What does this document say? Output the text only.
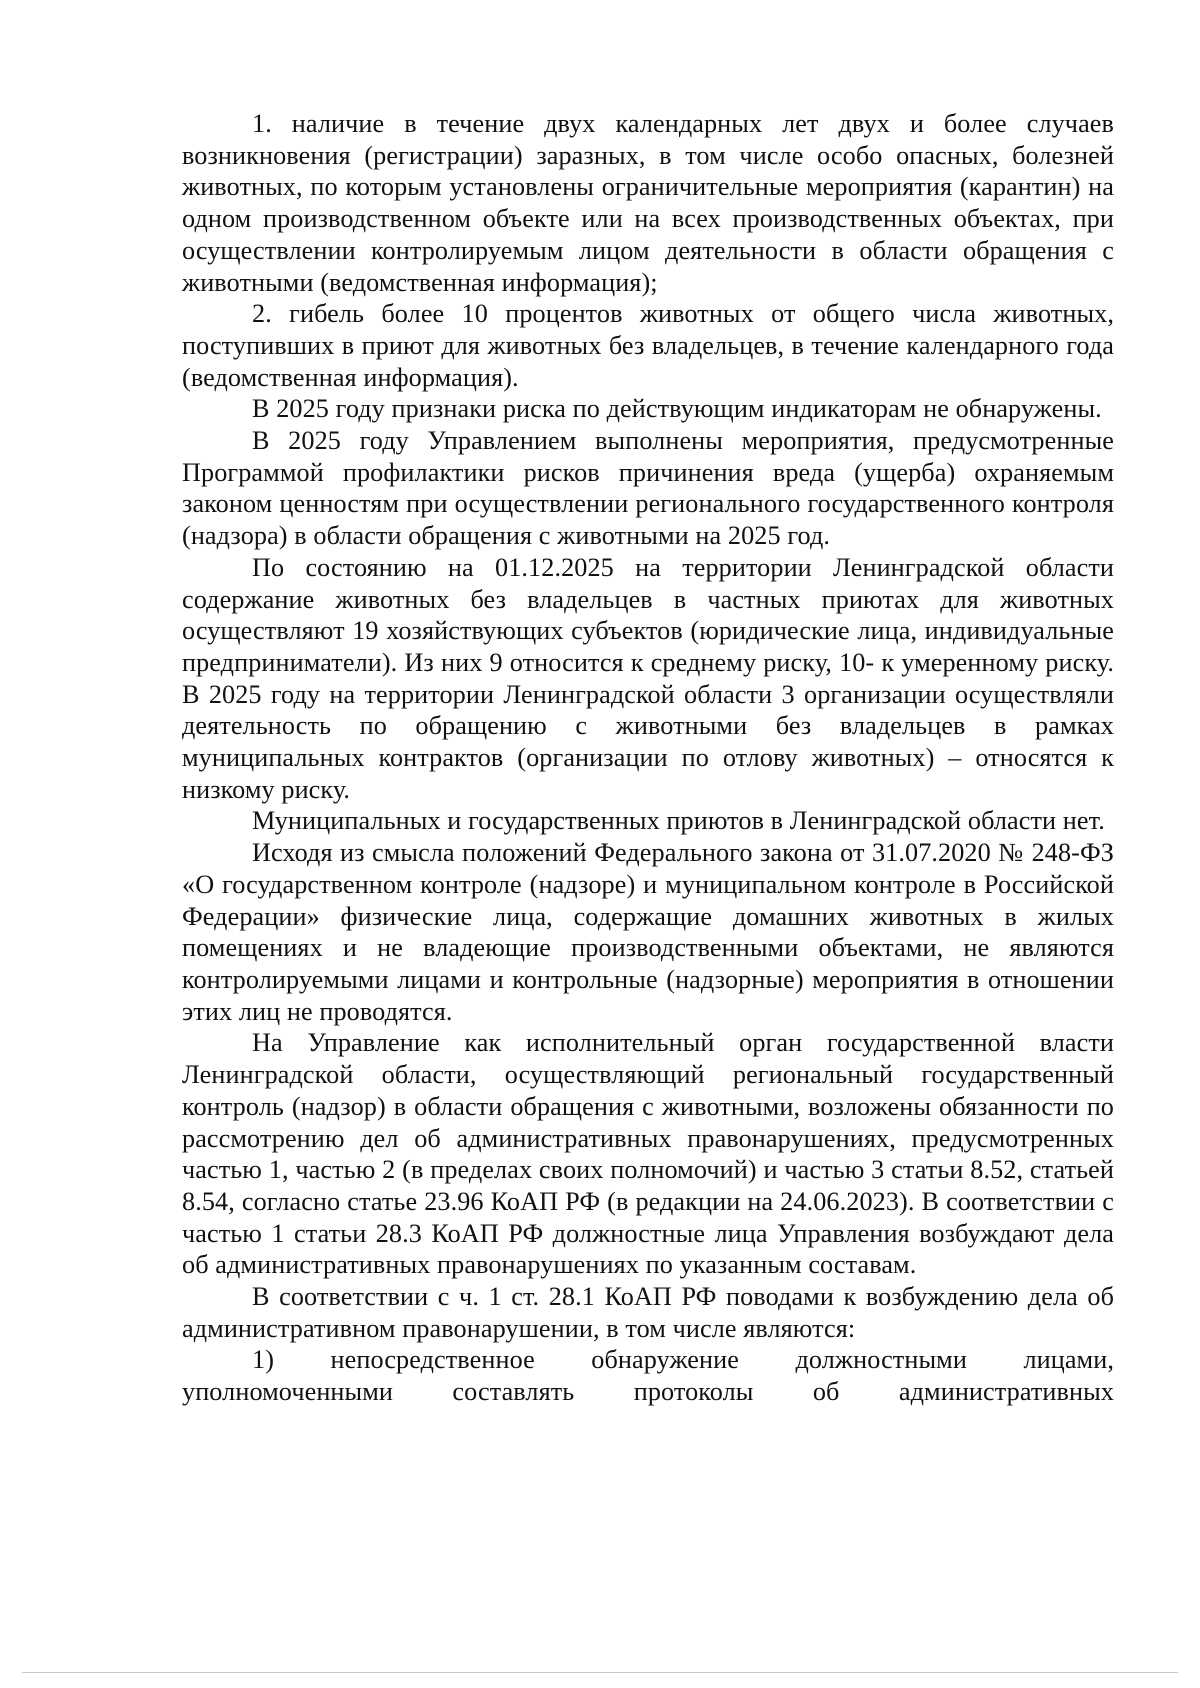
1. наличие в течение двух календарных лет двух и более случаев возникновения (регистрации) заразных, в том числе особо опасных, болезней животных, по которым установлены ограничительные мероприятия (карантин) на одном производственном объекте или на всех производственных объектах, при осуществлении контролируемым лицом деятельности в области обращения с животными (ведомственная информация);

2. гибель более 10 процентов животных от общего числа животных, поступивших в приют для животных без владельцев, в течение календарного года (ведомственная информация).

В 2025 году признаки риска по действующим индикаторам не обнаружены.

В 2025 году Управлением выполнены мероприятия, предусмотренные Программой профилактики рисков причинения вреда (ущерба) охраняемым законом ценностям при осуществлении регионального государственного контроля (надзора) в области обращения с животными на 2025 год.

По состоянию на 01.12.2025 на территории Ленинградской области содержание животных без владельцев в частных приютах для животных осуществляют 19 хозяйствующих субъектов (юридические лица, индивидуальные предприниматели). Из них 9 относится к среднему риску, 10- к умеренному риску. В 2025 году на территории Ленинградской области 3 организации осуществляли деятельность по обращению с животными без владельцев в рамках муниципальных контрактов (организации по отлову животных) – относятся к низкому риску.

Муниципальных и государственных приютов в Ленинградской области нет.

Исходя из смысла положений Федерального закона от 31.07.2020 № 248-ФЗ «О государственном контроле (надзоре) и муниципальном контроле в Российской Федерации» физические лица, содержащие домашних животных в жилых помещениях и не владеющие производственными объектами, не являются контролируемыми лицами и контрольные (надзорные) мероприятия в отношении этих лиц не проводятся.

На Управление как исполнительный орган государственной власти Ленинградской области, осуществляющий региональный государственный контроль (надзор) в области обращения с животными, возложены обязанности по рассмотрению дел об административных правонарушениях, предусмотренных частью 1, частью 2 (в пределах своих полномочий) и частью 3 статьи 8.52, статьей 8.54, согласно статье 23.96 КоАП РФ (в редакции на 24.06.2023). В соответствии с частью 1 статьи 28.3 КоАП РФ должностные лица Управления возбуждают дела об административных правонарушениях по указанным составам.

В соответствии с ч. 1 ст. 28.1 КоАП РФ поводами к возбуждению дела об административном правонарушении, в том числе являются:

1) непосредственное обнаружение должностными лицами, уполномоченными составлять протоколы об административных
